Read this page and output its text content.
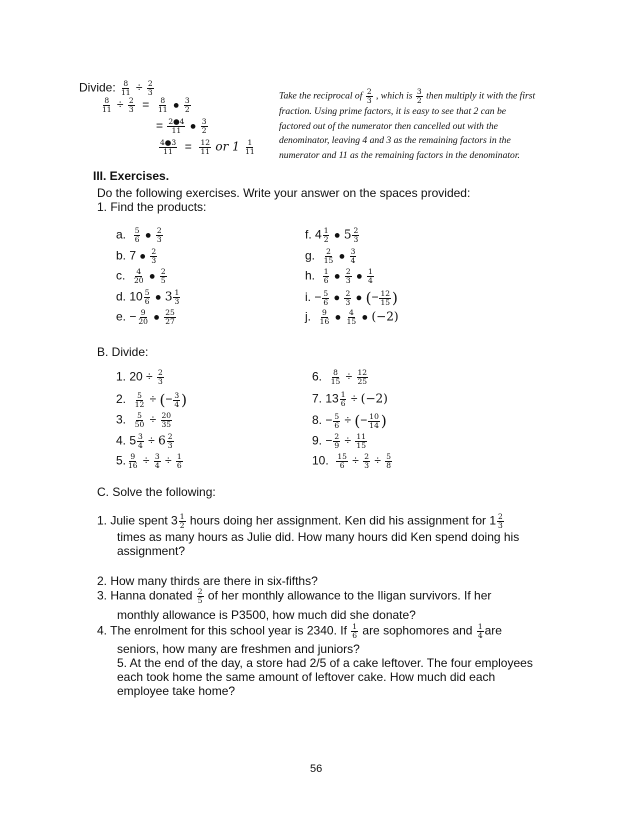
Divide: $\frac{8}{11} \div \frac{2}{3}$
$\frac{8}{11} \div \frac{2}{3} = \frac{8}{11}$ ● $\frac{3}{2}$
= $\frac{2●4}{11}$ ● $\frac{3}{2}$
$\frac{4●3}{11} = \frac{12}{11}$ or $1 \frac{1}{11}$
Take the reciprocal of $\frac{2}{3}$ , which is $\frac{3}{2}$ then multiply it with the first fraction. Using prime factors, it is easy to see that 2 can be factored out of the numerator then cancelled out with the denominator, leaving 4 and 3 as the remaining factors in the numerator and 11 as the remaining factors in the denominator.
III. Exercises.
Do the following exercises. Write your answer on the spaces provided:
1. Find the products:
a. $\frac{5}{6}$ ● $\frac{2}{3}$
b. 7 ● $\frac{2}{3}$
c. $\frac{4}{20}$ ● $\frac{2}{5}$
d. $10 \frac{5}{6}$ ● $3 \frac{1}{3}$
e. − $\frac{9}{20}$ ● $\frac{25}{27}$
f. $4 \frac{1}{2}$ ● $5 \frac{2}{3}$
g. $\frac{2}{15}$ ● $\frac{3}{4}$
h. $\frac{1}{6}$ ● $\frac{2}{3}$ ● $\frac{1}{4}$
i. − $\frac{5}{6}$ ● $\frac{2}{3}$ ● (− $\frac{12}{15}$ )
j. $\frac{9}{16}$ ● $\frac{4}{15}$ ● (−2)
B. Divide:
1. $20 \div \frac{2}{3}$
2. $\frac{5}{12}$ ÷ (− $\frac{3}{4}$ )
3. $\frac{5}{50} \div \frac{20}{35}$
4. $5 \frac{3}{4} \div 6 \frac{2}{3}$
5. $\frac{9}{16} \div \frac{3}{4} \div \frac{1}{6}$
6. $\frac{8}{15} \div \frac{12}{25}$
7. $13 \frac{1}{6} \div (-2)$
8. − $\frac{5}{6}$ ÷ (− $\frac{10}{14}$ )
9. − $\frac{2}{9} \div \frac{11}{15}$
10. $\frac{15}{6} \div \frac{2}{3} \div \frac{5}{8}$
C. Solve the following:
1. Julie spent $3 \frac{1}{2}$ hours doing her assignment. Ken did his assignment for $1 \frac{2}{3}$
times as many hours as Julie did. How many hours did Ken spend doing his assignment?
2. How many thirds are there in six-fifths?
3. Hanna donated $\frac{2}{5}$ of her monthly allowance to the Iligan survivors. If her
monthly allowance is P3500, how much did she donate?
4. The enrolment for this school year is 2340. If $\frac{1}{6}$ are sophomores and $\frac{1}{4}$ are
seniors, how many are freshmen and juniors?
5. At the end of the day, a store had 2/5 of a cake leftover. The four employees each took home the same amount of leftover cake. How much did each employee take home?
56
